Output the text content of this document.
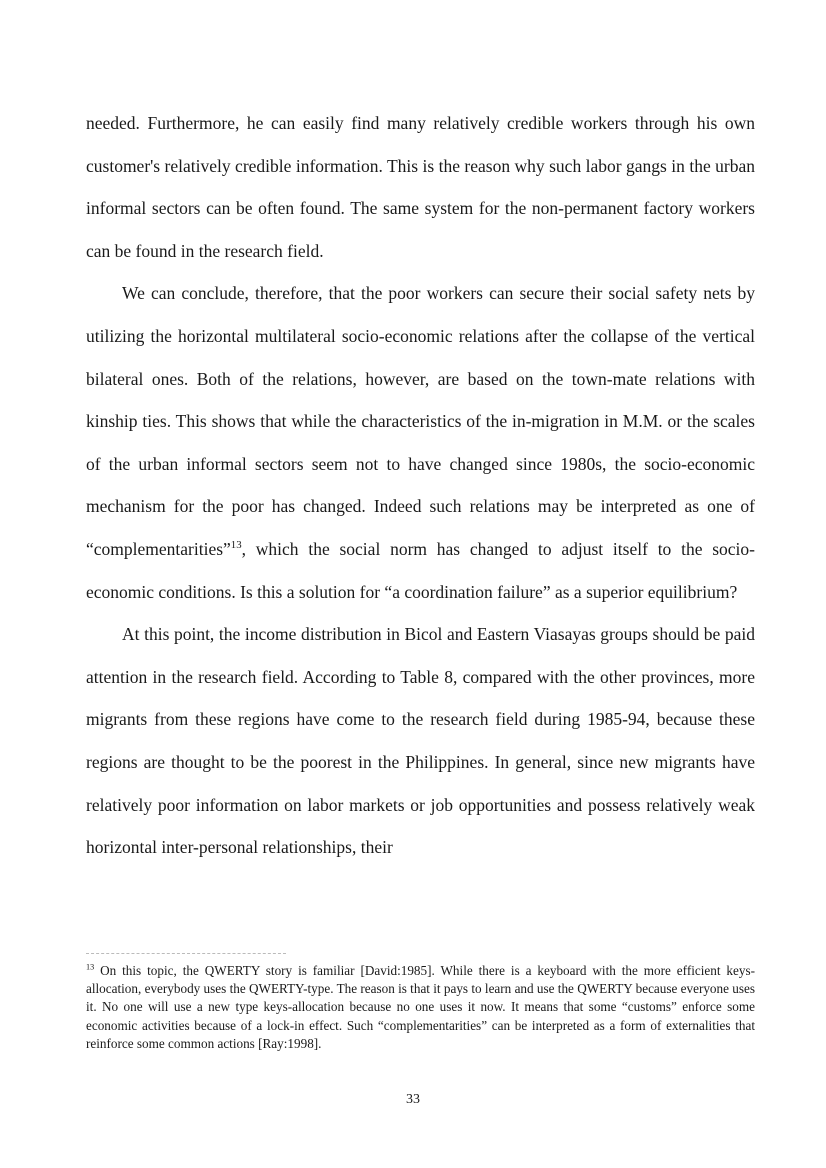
needed. Furthermore, he can easily find many relatively credible workers through his own customer's relatively credible information. This is the reason why such labor gangs in the urban informal sectors can be often found. The same system for the non-permanent factory workers can be found in the research field.

We can conclude, therefore, that the poor workers can secure their social safety nets by utilizing the horizontal multilateral socio-economic relations after the collapse of the vertical bilateral ones. Both of the relations, however, are based on the town-mate relations with kinship ties. This shows that while the characteristics of the in-migration in M.M. or the scales of the urban informal sectors seem not to have changed since 1980s, the socio-economic mechanism for the poor has changed. Indeed such relations may be interpreted as one of “complementarities”$^{13}$, which the social norm has changed to adjust itself to the socio-economic conditions. Is this a solution for “a coordination failure” as a superior equilibrium?

At this point, the income distribution in Bicol and Eastern Viasayas groups should be paid attention in the research field. According to Table 8, compared with the other provinces, more migrants from these regions have come to the research field during 1985-94, because these regions are thought to be the poorest in the Philippines. In general, since new migrants have relatively poor information on labor markets or job opportunities and possess relatively weak horizontal inter-personal relationships, their

$^{13}$ On this topic, the QWERTY story is familiar [David:1985]. While there is a keyboard with the more efficient keys-allocation, everybody uses the QWERTY-type. The reason is that it pays to learn and use the QWERTY because everyone uses it. No one will use a new type keys-allocation because no one uses it now. It means that some “customs” enforce some economic activities because of a lock-in effect. Such “complementarities” can be interpreted as a form of externalities that reinforce some common actions [Ray:1998].

33
